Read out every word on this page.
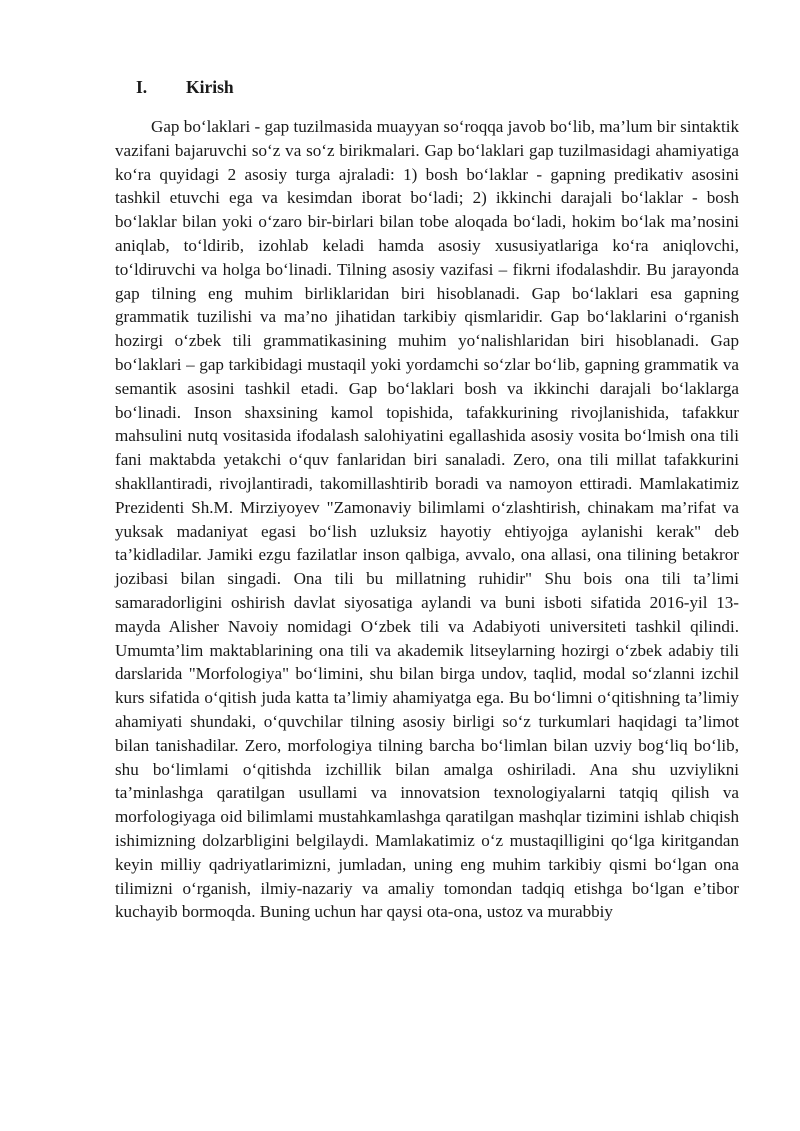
I. Kirish

Gap bo‘laklari - gap tuzilmasida muayyan so‘roqqa javob bo‘lib, ma’lum bir sintaktik vazifani bajaruvchi so‘z va so‘z birikmalari. Gap bo‘laklari gap tuzilmasidagi ahamiyatiga ko‘ra quyidagi 2 asosiy turga ajraladi: 1) bosh bo‘laklar - gapning predikativ asosini tashkil etuvchi ega va kesimdan iborat bo‘ladi; 2) ikkinchi darajali bo‘laklar - bosh bo‘laklar bilan yoki o‘zaro bir-birlari bilan tobe aloqada bo‘ladi, hokim bo‘lak ma’nosini aniqlab, to‘ldirib, izohlab keladi hamda asosiy xususiyatlariga ko‘ra aniqlovchi, to‘ldiruvchi va holga bo‘linadi. Tilning asosiy vazifasi – fikrni ifodalashdir. Bu jarayonda gap tilning eng muhim birliklaridan biri hisoblanadi. Gap bo‘laklari esa gapning grammatik tuzilishi va ma’no jihatidan tarkibiy qismlaridir. Gap bo‘laklarini o‘rganish hozirgi o‘zbek tili grammatikasining muhim yo‘nalishlaridan biri hisoblanadi. Gap bo‘laklari – gap tarkibidagi mustaqil yoki yordamchi so‘zlar bo‘lib, gapning grammatik va semantik asosini tashkil etadi. Gap bo‘laklari bosh va ikkinchi darajali bo‘laklarga bo‘linadi. Inson shaxsining kamol topishida, tafakkurining rivojlanishida, tafakkur mahsulini nutq vositasida ifodalash salohiyatini egallashida asosiy vosita bo‘lmish ona tili fani maktabda yetakchi o‘quv fanlaridan biri sanaladi. Zero, ona tili millat tafakkurini shakllantiradi, rivojlantiradi, takomillashtirib boradi va namoyon ettiradi. Mamlakatimiz Prezidenti Sh.M. Mirziyoyev "Zamonaviy bilimlami o‘zlashtirish, chinakam ma’rifat va yuksak madaniyat egasi bo‘lish uzluksiz hayotiy ehtiyojga aylanishi kerak" deb ta’kidladilar. Jamiki ezgu fazilatlar inson qalbiga, avvalo, ona allasi, ona tilining betakror jozibasi bilan singadi. Ona tili bu millatning ruhidir" Shu bois ona tili ta’limi samaradorligini oshirish davlat siyosatiga aylandi va buni isboti sifatida 2016-yil 13-mayda Alisher Navoiy nomidagi O‘zbek tili va Adabiyoti universiteti tashkil qilindi. Umumta’lim maktablarining ona tili va akademik litseylarning hozirgi o‘zbek adabiy tili darslarida "Morfologiya" bo‘limini, shu bilan birga undov, taqlid, modal so‘zlanni izchil kurs sifatida o‘qitish juda katta ta’limiy ahamiyatga ega. Bu bo‘limni o‘qitishning ta’limiy ahamiyati shundaki, o‘quvchilar tilning asosiy birligi so‘z turkumlari haqidagi ta’limot bilan tanishadilar. Zero, morfologiya tilning barcha bo‘limlan bilan uzviy bog‘liq bo‘lib, shu bo‘limlami o‘qitishda izchillik bilan amalga oshiriladi. Ana shu uzviylikni ta’minlashga qaratilgan usullami va innovatsion texnologiyalarni tatqiq qilish va morfologiyaga oid bilimlami mustahkamlashga qaratilgan mashqlar tizimini ishlab chiqish ishimizning dolzarbligini belgilaydi. Mamlakatimiz o‘z mustaqilligini qo‘lga kiritgandan keyin milliy qadriyatlarimizni, jumladan, uning eng muhim tarkibiy qismi bo‘lgan ona tilimizni o‘rganish, ilmiy-nazariy va amaliy tomondan tadqiq etishga bo‘lgan e’tibor kuchayib bormoqda. Buning uchun har qaysi ota-ona, ustoz va murabbiy
